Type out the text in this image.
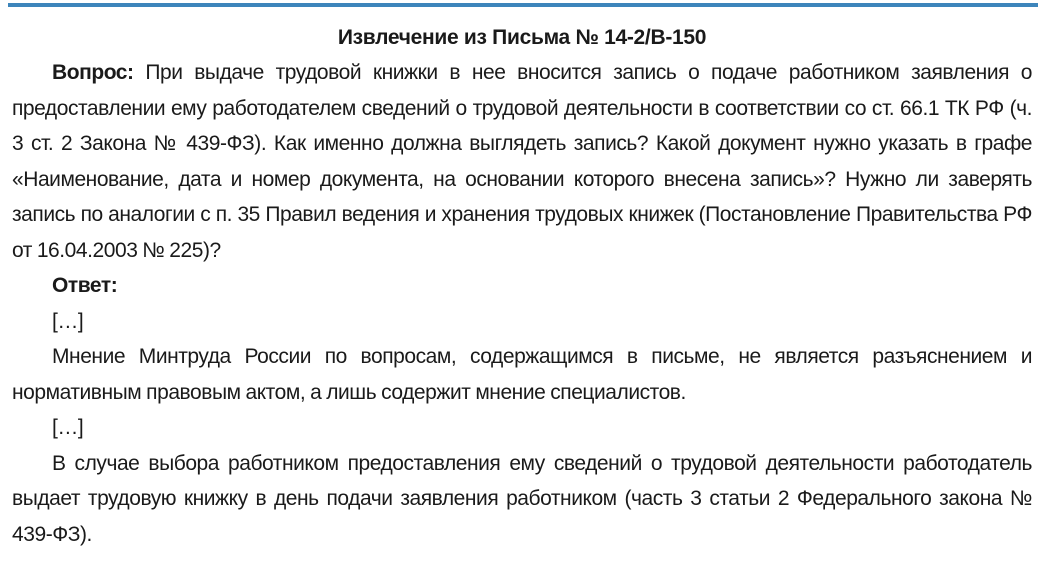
Извлечение из Письма № 14-2/В-150

Вопрос: При выдаче трудовой книжки в нее вносится запись о подаче работником заявления о предоставлении ему работодателем сведений о трудовой деятельности в соответствии со ст. 66.1 ТК РФ (ч. 3 ст. 2 Закона № 439-ФЗ). Как именно должна выглядеть запись? Какой документ нужно указать в графе «Наименование, дата и номер документа, на основании которого внесена запись»? Нужно ли заверять запись по аналогии с п. 35 Правил ведения и хранения трудовых книжек (Постановление Правительства РФ от 16.04.2003 № 225)?

Ответ:

[…]

Мнение Минтруда России по вопросам, содержащимся в письме, не является разъяснением и нормативным правовым актом, а лишь содержит мнение специалистов.

[…]

В случае выбора работником предоставления ему сведений о трудовой деятельности работодатель выдает трудовую книжку в день подачи заявления работником (часть 3 статьи 2 Федерального закона № 439-ФЗ).
